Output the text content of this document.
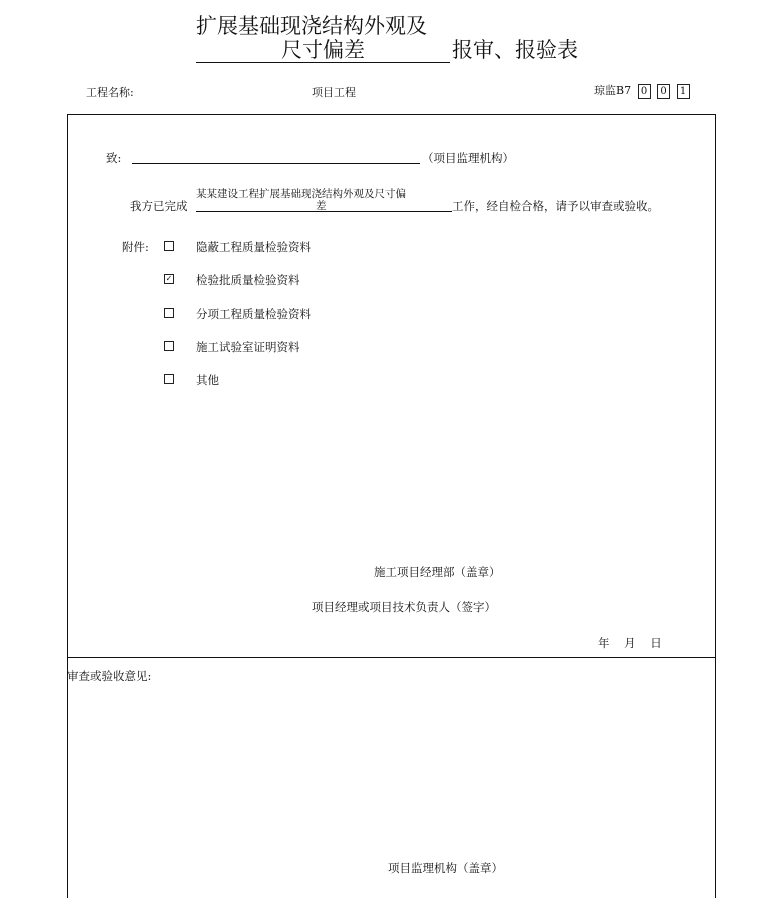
扩展基础现浇结构外观及
尺寸偏差	报审、报验表
工程名称:	项目工程	琼监B7 0 0 1
致:	（项目监理机构）
我方已完成
某某建设工程扩展基础现浇结构外观及尺寸偏
差	工作，经自检合格，请予以审查或验收。
附件:	隐蔽工程质量检验资料
✓ 检验批质量检验资料
分项工程质量检验资料
施工试验室证明资料
其他
施工项目经理部（盖章）
项目经理或项目技术负责人（签字）
年    月    日
审查或验收意见:
项目监理机构（盖章）
